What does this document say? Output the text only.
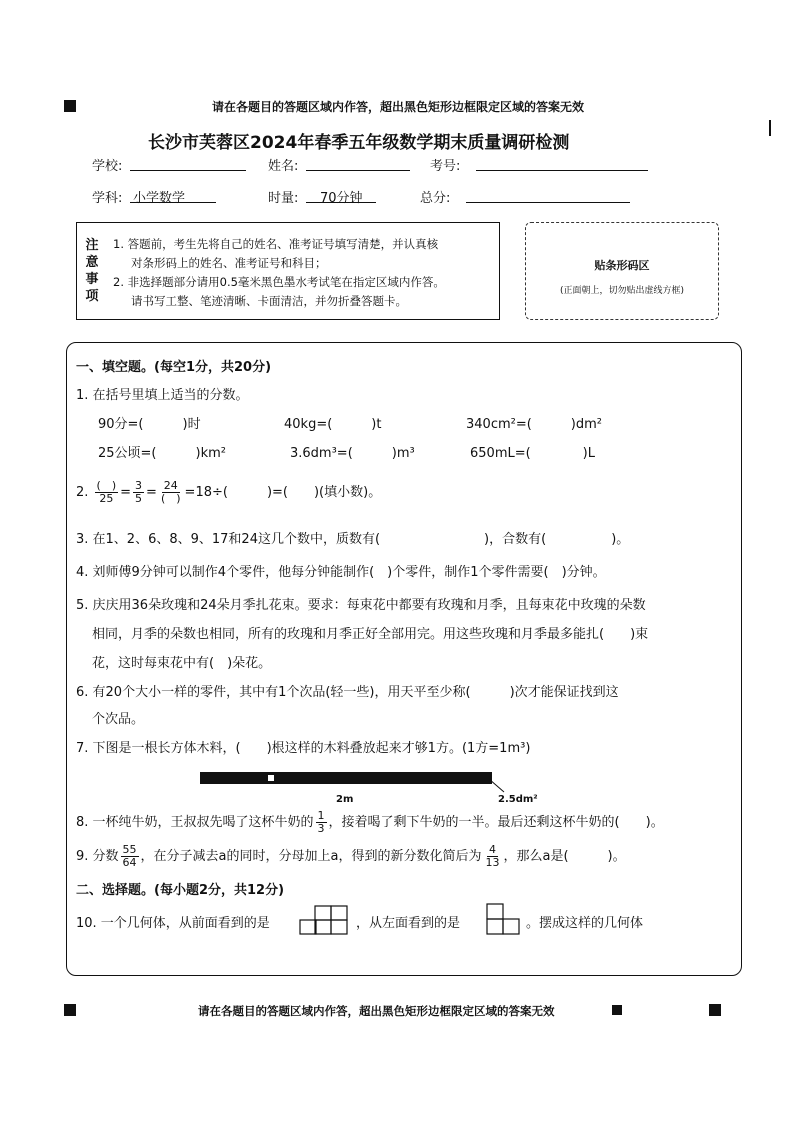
请在各题目的答题区域内作答，超出黑色矩形边框限定区域的答案无效
长沙市芙蓉区2024年春季五年级数学期末质量调研检测
学校:	姓名:	考号:
学科: 小学数学	时量: 70分钟	总分:
注
意
事
项
1. 答题前，考生先将自己的姓名、准考证号填写清楚，并认真核
对条形码上的姓名、准考证号和科目；
2. 非选择题部分请用0.5毫米黑色墨水考试笔在指定区域内作答。
请书写工整、笔迹清晰、卡面清洁，并勿折叠答题卡。
贴条形码区
(正面朝上，切勿贴出虚线方框)
一、填空题。(每空1分，共20分)
1. 在括号里填上适当的分数。
90分=(　　　)时	40kg=(　　　)t	340cm²=(　　　)dm²
25公顷=(　　　)km²	3.6dm³=(　　　)m³	650mL=(　　　　)L
2. $\frac{( )}{25} = \frac{3}{5} = \frac{24}{( )} =18\div$(　　　)=(　　)(填小数)。
3. 在1、2、6、8、9、17和24这几个数中，质数有(　　　　　　　　)，合数有(　　　　　)。
4. 刘师傅9分钟可以制作4个零件，他每分钟能制作(　)个零件，制作1个零件需要(　)分钟。
5. 庆庆用36朵玫瑰和24朵月季扎花束。要求：每束花中都要有玫瑰和月季，且每束花中玫瑰的朵数
相同，月季的朵数也相同，所有的玫瑰和月季正好全部用完。用这些玫瑰和月季最多能扎(　　)束
花，这时每束花中有(　)朵花。
6. 有20个大小一样的零件，其中有1个次品(轻一些)，用天平至少称(　　　)次才能保证找到这
个次品。
7. 下图是一根长方体木料，(　　)根这样的木料叠放起来才够1方。(1方=1m³)
2m	2.5dm²
8. 一杯纯牛奶，王叔叔先喝了这杯牛奶的 $\frac{1}{3}$ ，接着喝了剩下牛奶的一半。最后还剩这杯牛奶的(　　)。
9. 分数 $\frac{55}{64}$ ，在分子减去a的同时，分母加上a，得到的新分数化简后为 $\frac{4}{13}$ ，那么a是(　　　)。
二、选择题。(每小题2分，共12分)
10. 一个几何体，从前面看到的是	，从左面看到的是	。摆成这样的几何体
请在各题目的答题区域内作答，超出黑色矩形边框限定区域的答案无效
